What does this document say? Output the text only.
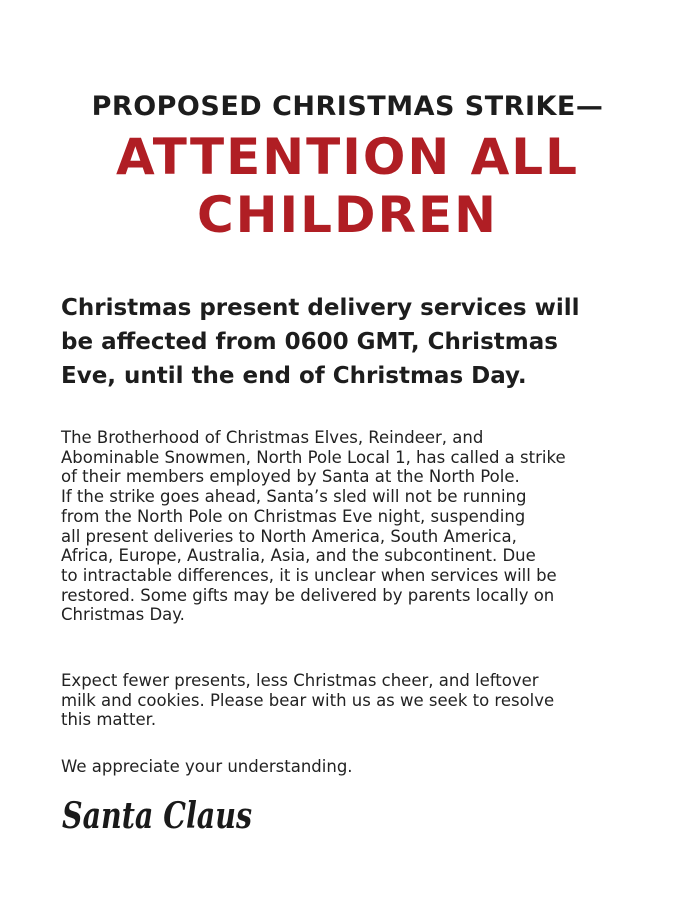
PROPOSED CHRISTMAS STRIKE—
ATTENTION ALL
CHILDREN
Christmas present delivery services will
be affected from 0600 GMT, Christmas
Eve, until the end of Christmas Day.
The Brotherhood of Christmas Elves, Reindeer, and
Abominable Snowmen, North Pole Local 1, has called a strike
of their members employed by Santa at the North Pole.
If the strike goes ahead, Santa’s sled will not be running
from the North Pole on Christmas Eve night, suspending
all present deliveries to North America, South America,
Africa, Europe, Australia, Asia, and the subcontinent. Due
to intractable differences, it is unclear when services will be
restored. Some gifts may be delivered by parents locally on
Christmas Day.
Expect fewer presents, less Christmas cheer, and leftover
milk and cookies. Please bear with us as we seek to resolve
this matter.
We appreciate your understanding.
Santa Claus
